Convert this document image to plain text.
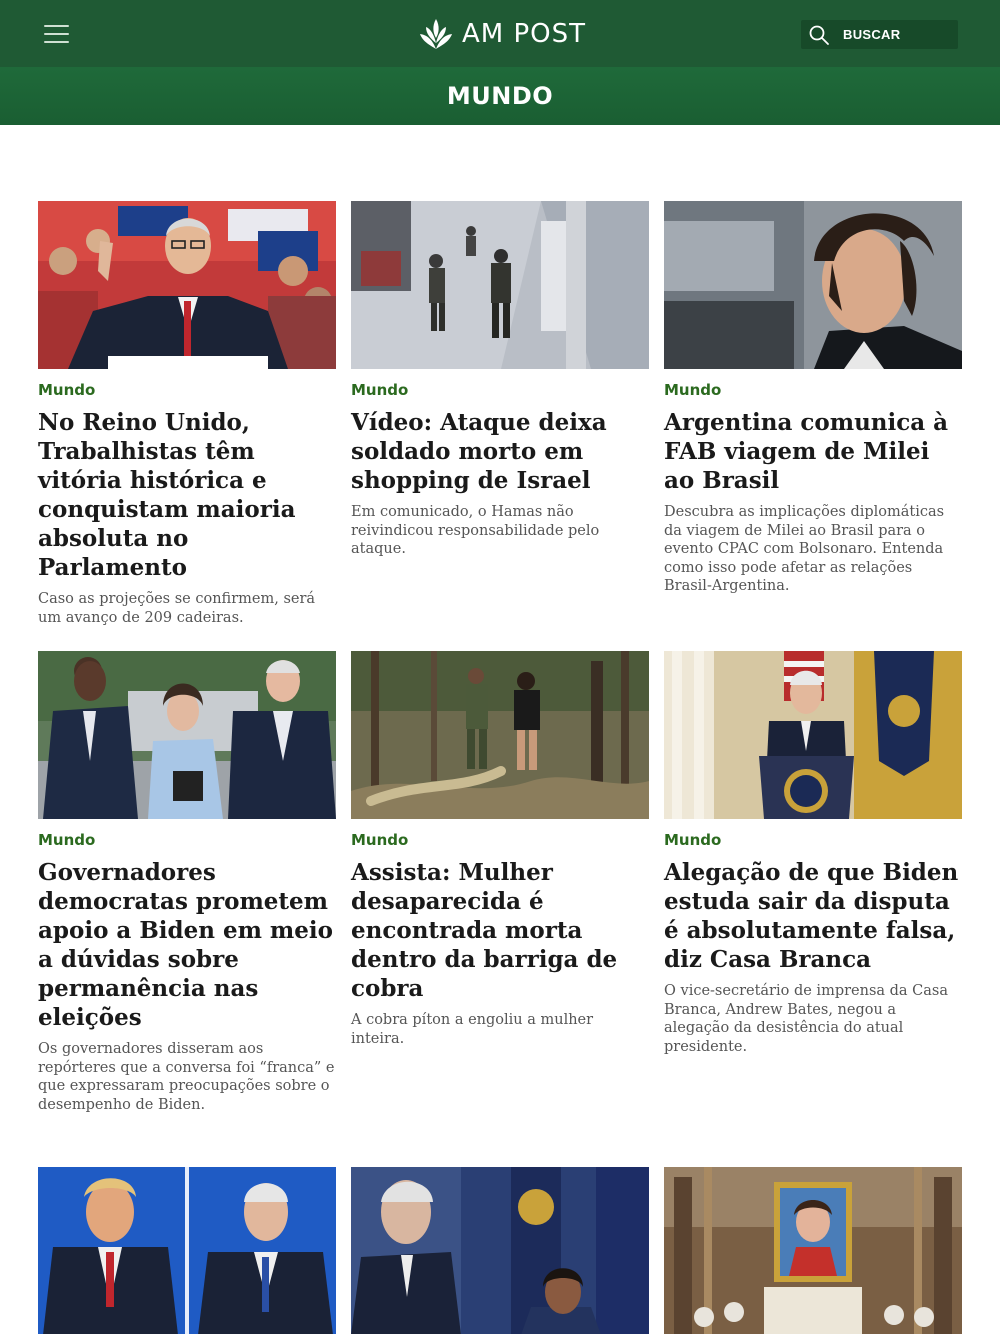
AM POST	BUSCAR
MUNDO
Mundo
No Reino Unido, Trabalhistas têm vitória histórica e conquistam maioria absoluta no Parlamento
Caso as projeções se confirmem, será um avanço de 209 cadeiras.
Mundo
Vídeo: Ataque deixa soldado morto em shopping de Israel
Em comunicado, o Hamas não reivindicou responsabilidade pelo ataque.
Mundo
Argentina comunica à FAB viagem de Milei ao Brasil
Descubra as implicações diplomáticas da viagem de Milei ao Brasil para o evento CPAC com Bolsonaro. Entenda como isso pode afetar as relações Brasil-Argentina.
Mundo
Governadores democratas prometem apoio a Biden em meio a dúvidas sobre permanência nas eleições
Os governadores disseram aos repórteres que a conversa foi “franca” e que expressaram preocupações sobre o desempenho de Biden.
Mundo
Assista: Mulher desaparecida é encontrada morta dentro da barriga de cobra
A cobra píton a engoliu a mulher inteira.
Mundo
Alegação de que Biden estuda sair da disputa é absolutamente falsa, diz Casa Branca
O vice-secretário de imprensa da Casa Branca, Andrew Bates, negou a alegação da desistência do atual presidente.
